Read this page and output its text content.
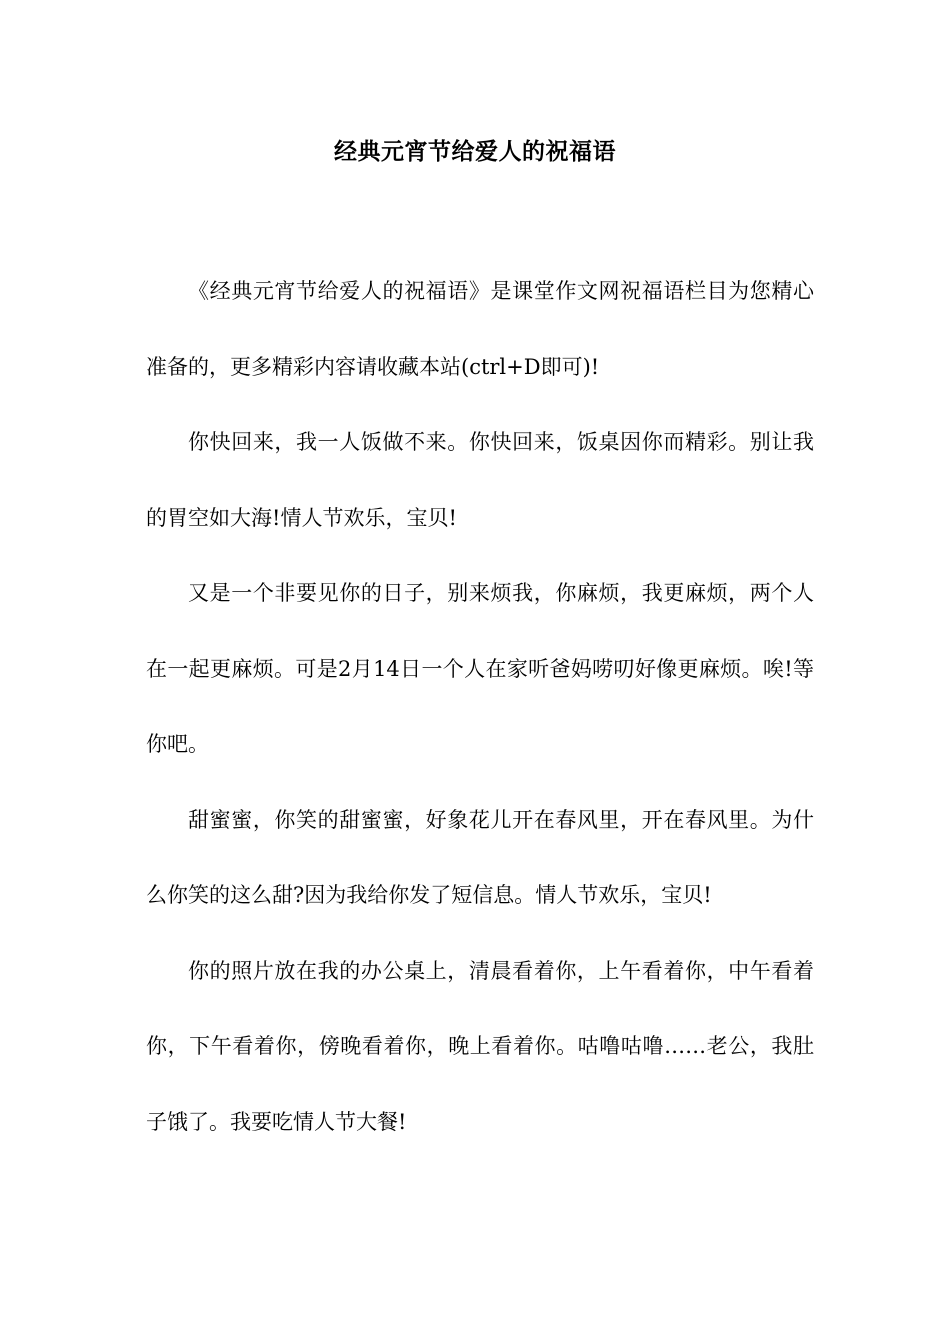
经典元宵节给爱人的祝福语

《经典元宵节给爱人的祝福语》是课堂作文网祝福语栏目为您精心准备的，更多精彩内容请收藏本站(ctrl+D即可)!

你快回来，我一人饭做不来。你快回来，饭桌因你而精彩。别让我的胃空如大海!情人节欢乐，宝贝!

又是一个非要见你的日子，别来烦我，你麻烦，我更麻烦，两个人在一起更麻烦。可是2月14日一个人在家听爸妈唠叨好像更麻烦。唉!等你吧。

甜蜜蜜，你笑的甜蜜蜜，好象花儿开在春风里，开在春风里。为什么你笑的这么甜?因为我给你发了短信息。情人节欢乐，宝贝!

你的照片放在我的办公桌上，清晨看着你，上午看着你，中午看着你，下午看着你，傍晚看着你，晚上看着你。咕噜咕噜……老公，我肚子饿了。我要吃情人节大餐!
